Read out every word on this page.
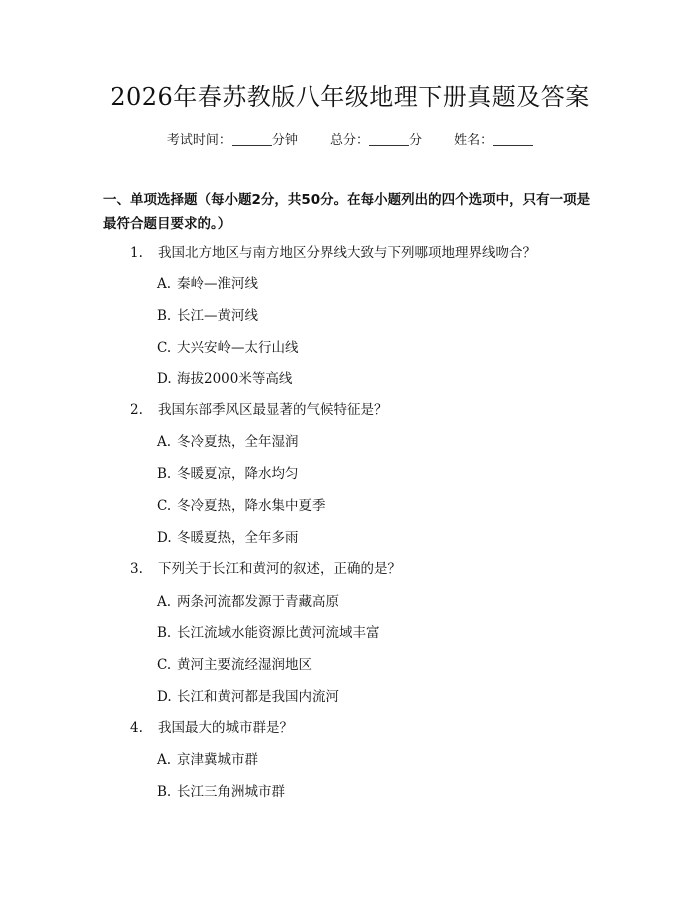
2026年春苏教版八年级地理下册真题及答案
考试时间：	分钟 总分：	分 姓名：
一、单项选择题（每小题2分，共50分。在每小题列出的四个选项中，只有一项是最符合题目要求的。）
1. 我国北方地区与南方地区分界线大致与下列哪项地理界线吻合？
A. 秦岭—淮河线
B. 长江—黄河线
C. 大兴安岭—太行山线
D. 海拔2000米等高线
2. 我国东部季风区最显著的气候特征是？
A. 冬冷夏热，全年湿润
B. 冬暖夏凉，降水均匀
C. 冬冷夏热，降水集中夏季
D. 冬暖夏热，全年多雨
3. 下列关于长江和黄河的叙述，正确的是？
A. 两条河流都发源于青藏高原
B. 长江流域水能资源比黄河流域丰富
C. 黄河主要流经湿润地区
D. 长江和黄河都是我国内流河
4. 我国最大的城市群是？
A. 京津冀城市群
B. 长江三角洲城市群
